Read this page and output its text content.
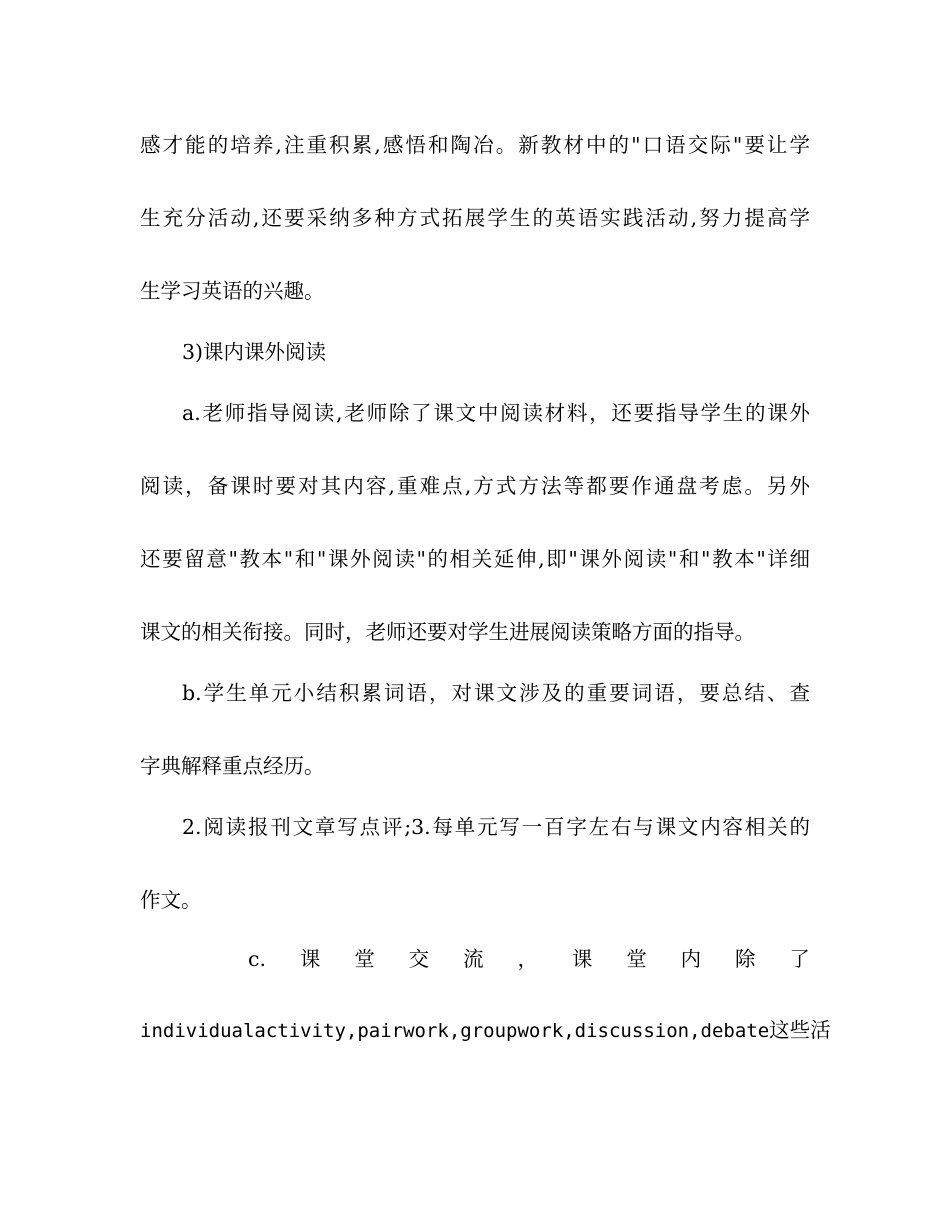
感才能的培养,注重积累,感悟和陶冶。新教材中的"口语交际"要让学
生充分活动,还要采纳多种方式拓展学生的英语实践活动,努力提高学
生学习英语的兴趣。
3)课内课外阅读
a.老师指导阅读,老师除了课文中阅读材料，还要指导学生的课外
阅读，备课时要对其内容,重难点,方式方法等都要作通盘考虑。另外
还要留意"教本"和"课外阅读"的相关延伸,即"课外阅读"和"教本"详细
课文的相关衔接。同时，老师还要对学生进展阅读策略方面的指导。
b.学生单元小结积累词语，对课文涉及的重要词语，要总结、查
字典解释重点经历。
2.阅读报刊文章写点评;3.每单元写一百字左右与课文内容相关的
作文。
c. 课 堂 交 流 ， 课 堂 内 除 了
individualactivity,pairwork,groupwork,discussion,debate这些活
